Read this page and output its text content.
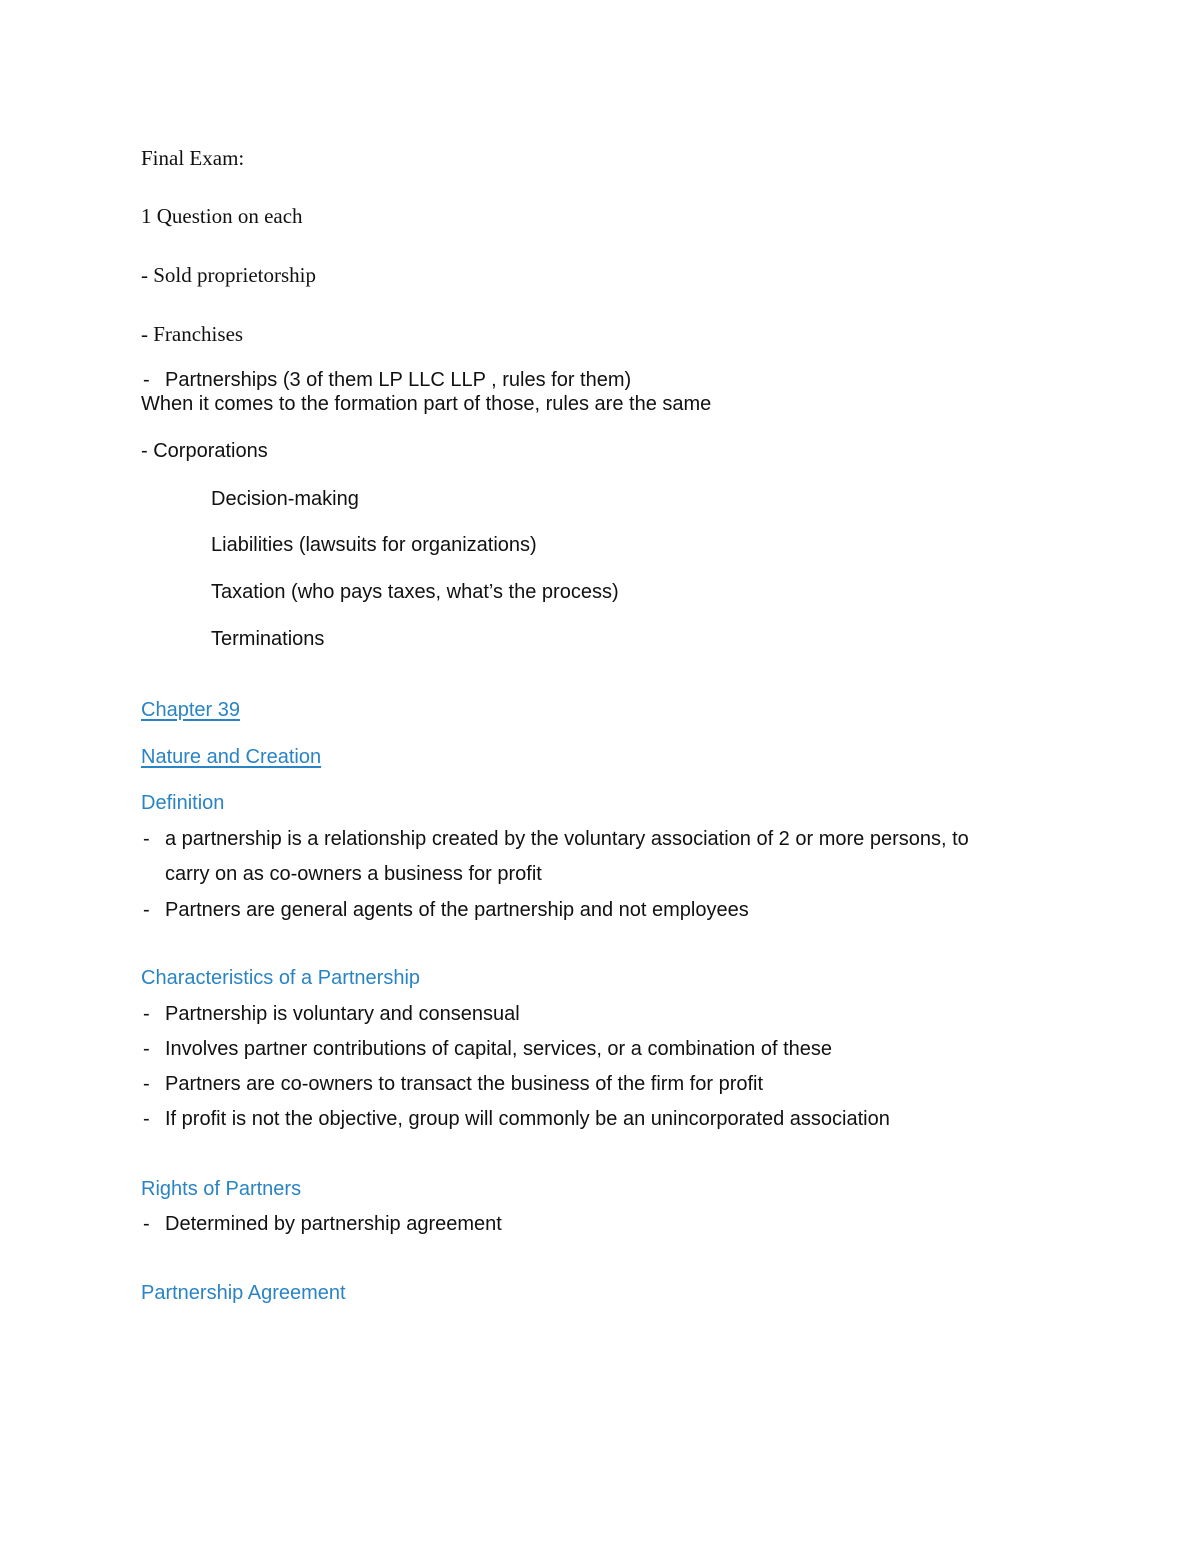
Final Exam:
1 Question on each
- Sold proprietorship
- Franchises
- Partnerships (3 of them LP LLC LLP , rules for them)
When it comes to the formation part of those, rules are the same
- Corporations
Decision-making
Liabilities (lawsuits for organizations)
Taxation (who pays taxes, what’s the process)
Terminations
Chapter 39
Nature and Creation
Definition
- a partnership is a relationship created by the voluntary association of 2 or more persons, to
carry on as co-owners a business for profit
- Partners are general agents of the partnership and not employees
Characteristics of a Partnership
- Partnership is voluntary and consensual
- Involves partner contributions of capital, services, or a combination of these
- Partners are co-owners to transact the business of the firm for profit
- If profit is not the objective, group will commonly be an unincorporated association
Rights of Partners
- Determined by partnership agreement
Partnership Agreement
